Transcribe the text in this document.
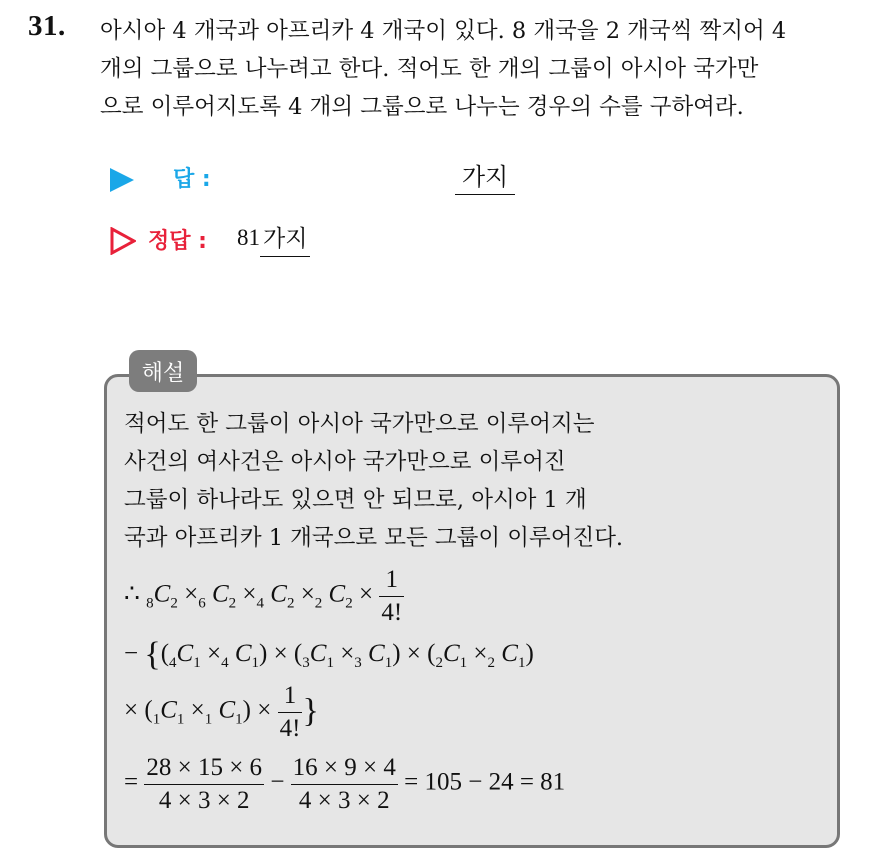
31. 아시아 4 개국과 아프리카 4 개국이 있다. 8 개국을 2 개국씩 짝지어 4
개의 그룹으로 나누려고 한다. 적어도 한 개의 그룹이 아시아 국가만
으로 이루어지도록 4 개의 그룹으로 나누는 경우의 수를 구하여라.
답 :	가지
정답 : 81 가지
해설
적어도 한 그룹이 아시아 국가만으로 이루어지는
사건의 여사건은 아시아 국가만으로 이루어진
그룹이 하나라도 있으면 안 되므로, 아시아 1 개
국과 아프리카 1 개국으로 모든 그룹이 이루어진다.
∴ $_8C_2 \times_6$ $C_2 \times_4$ $C_2 \times_2$ $C_2 \times \frac{1}{4!}$
− {($_4C_1 \times_4$ $C_1) \times (_3C_1 \times_3$ $C_1) \times (_2C_1 \times_2$ $C_1$)
× ($_1C_1 \times_1$ $C_1) \times \frac{1}{4!}$ }
= $\frac{28 \times 15 \times 6}{4 \times 3 \times 2} - \frac{16 \times 9 \times 4}{4 \times 3 \times 2} = 105 - 24 = 81$
